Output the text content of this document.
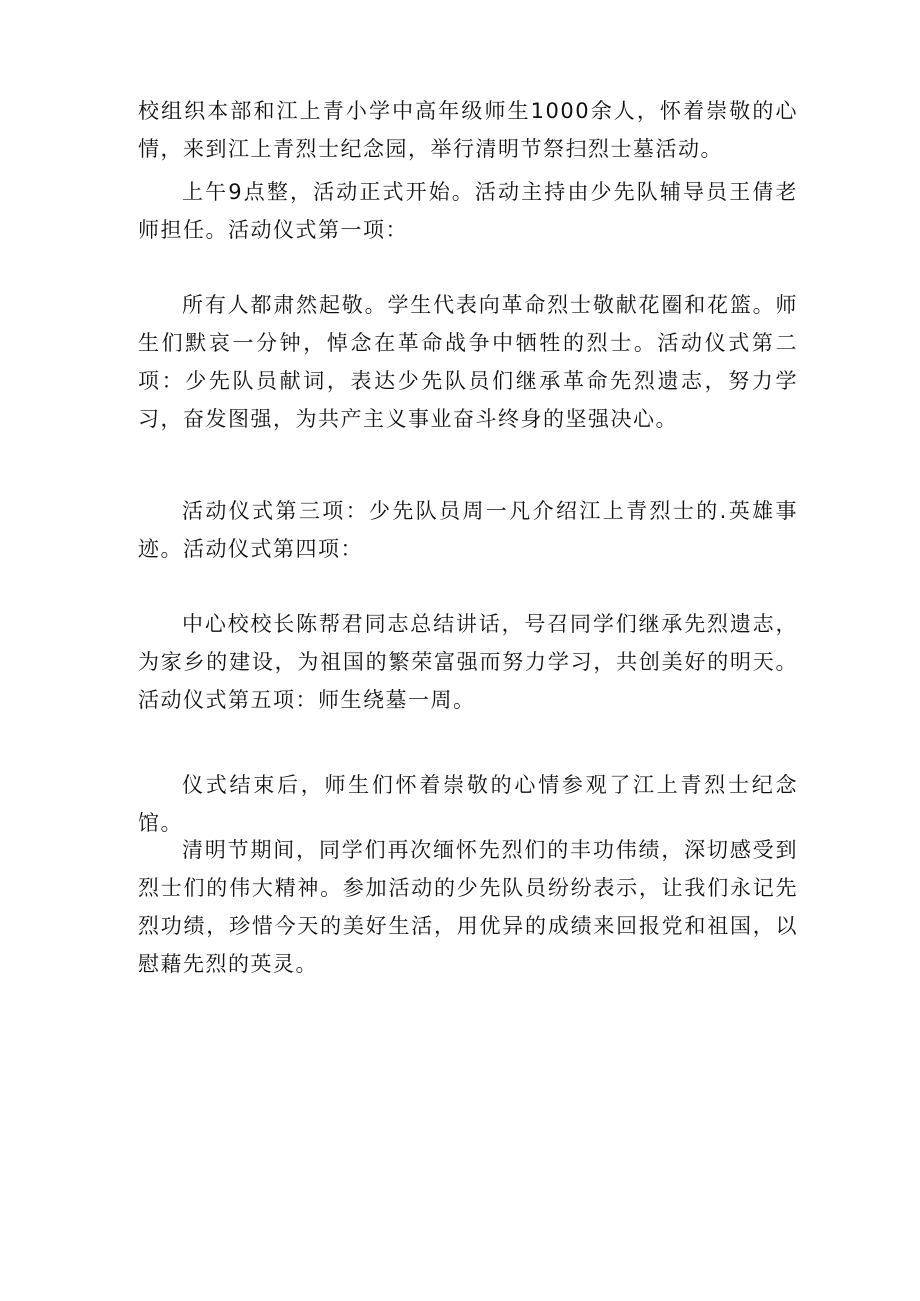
校组织本部和江上青小学中高年级师生1000余人，怀着崇敬的心情，来到江上青烈士纪念园，举行清明节祭扫烈士墓活动。

上午9点整，活动正式开始。活动主持由少先队辅导员王倩老师担任。活动仪式第一项：

所有人都肃然起敬。学生代表向革命烈士敬献花圈和花篮。师生们默哀一分钟，悼念在革命战争中牺牲的烈士。活动仪式第二项：少先队员献词，表达少先队员们继承革命先烈遗志，努力学习，奋发图强，为共产主义事业奋斗终身的坚强决心。

活动仪式第三项：少先队员周一凡介绍江上青烈士的.英雄事迹。活动仪式第四项：

中心校校长陈帮君同志总结讲话，号召同学们继承先烈遗志，为家乡的建设，为祖国的繁荣富强而努力学习，共创美好的明天。活动仪式第五项：师生绕墓一周。

仪式结束后，师生们怀着崇敬的心情参观了江上青烈士纪念馆。

清明节期间，同学们再次缅怀先烈们的丰功伟绩，深切感受到烈士们的伟大精神。参加活动的少先队员纷纷表示，让我们永记先烈功绩，珍惜今天的美好生活，用优异的成绩来回报党和祖国，以慰藉先烈的英灵。
